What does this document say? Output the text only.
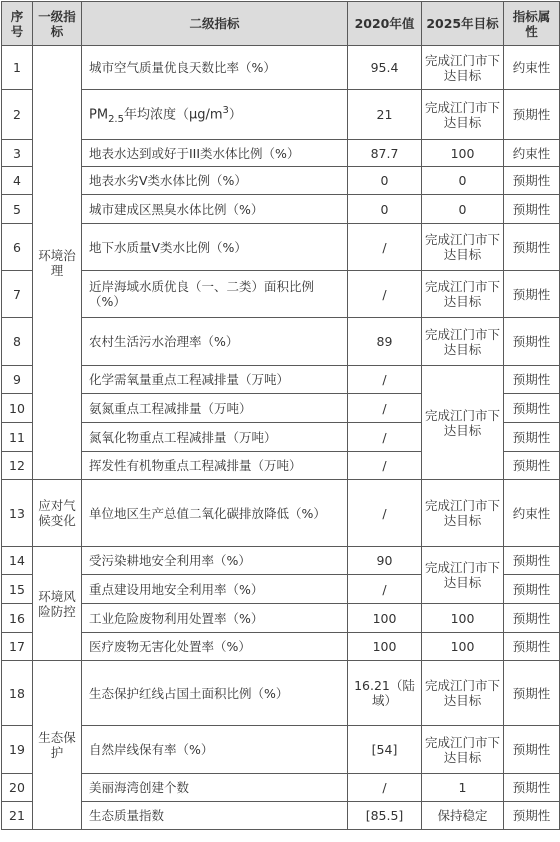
序号	一级指标	二级指标	2020年值	2025年目标	指标属性
1	环境治理	城市空气质量优良天数比率（%）	95.4	完成江门市下达目标	约束性
2		$PM_{2.5}$年均浓度$(\mu g/m^3)$	21	完成江门市下达目标	预期性
3		地表水达到或好于III类水体比例（%）	87.7	100	约束性
4		地表水劣Ⅴ类水体比例（%）	0	0	预期性
5		城市建成区黑臭水体比例（%）	0	0	预期性
6		地下水质量Ⅴ类水比例（%）	/	完成江门市下达目标	预期性
7		近岸海域水质优良（一、二类）面积比例（%）	/	完成江门市下达目标	预期性
8		农村生活污水治理率（%）	89	完成江门市下达目标	预期性
9		化学需氧量重点工程减排量（万吨）	/	完成江门市下达目标	预期性
10		氨氮重点工程减排量（万吨）	/		预期性
11		氮氧化物重点工程减排量（万吨）	/		预期性
12		挥发性有机物重点工程减排量（万吨）	/		预期性
13	应对气候变化	单位地区生产总值二氧化碳排放降低（%）	/	完成江门市下达目标	约束性
14	环境风险防控	受污染耕地安全利用率（%）	90	完成江门市下达目标	预期性
15		重点建设用地安全利用率（%）	/		预期性
16		工业危险废物利用处置率（%）	100	100	预期性
17		医疗废物无害化处置率（%）	100	100	预期性
18	生态保护	生态保护红线占国土面积比例（%）	16.21（陆域）	完成江门市下达目标	预期性
19		自然岸线保有率（%）	[54]	完成江门市下达目标	预期性
20		美丽海湾创建个数	/	1	预期性
21		生态质量指数	[85.5]	保持稳定	预期性
